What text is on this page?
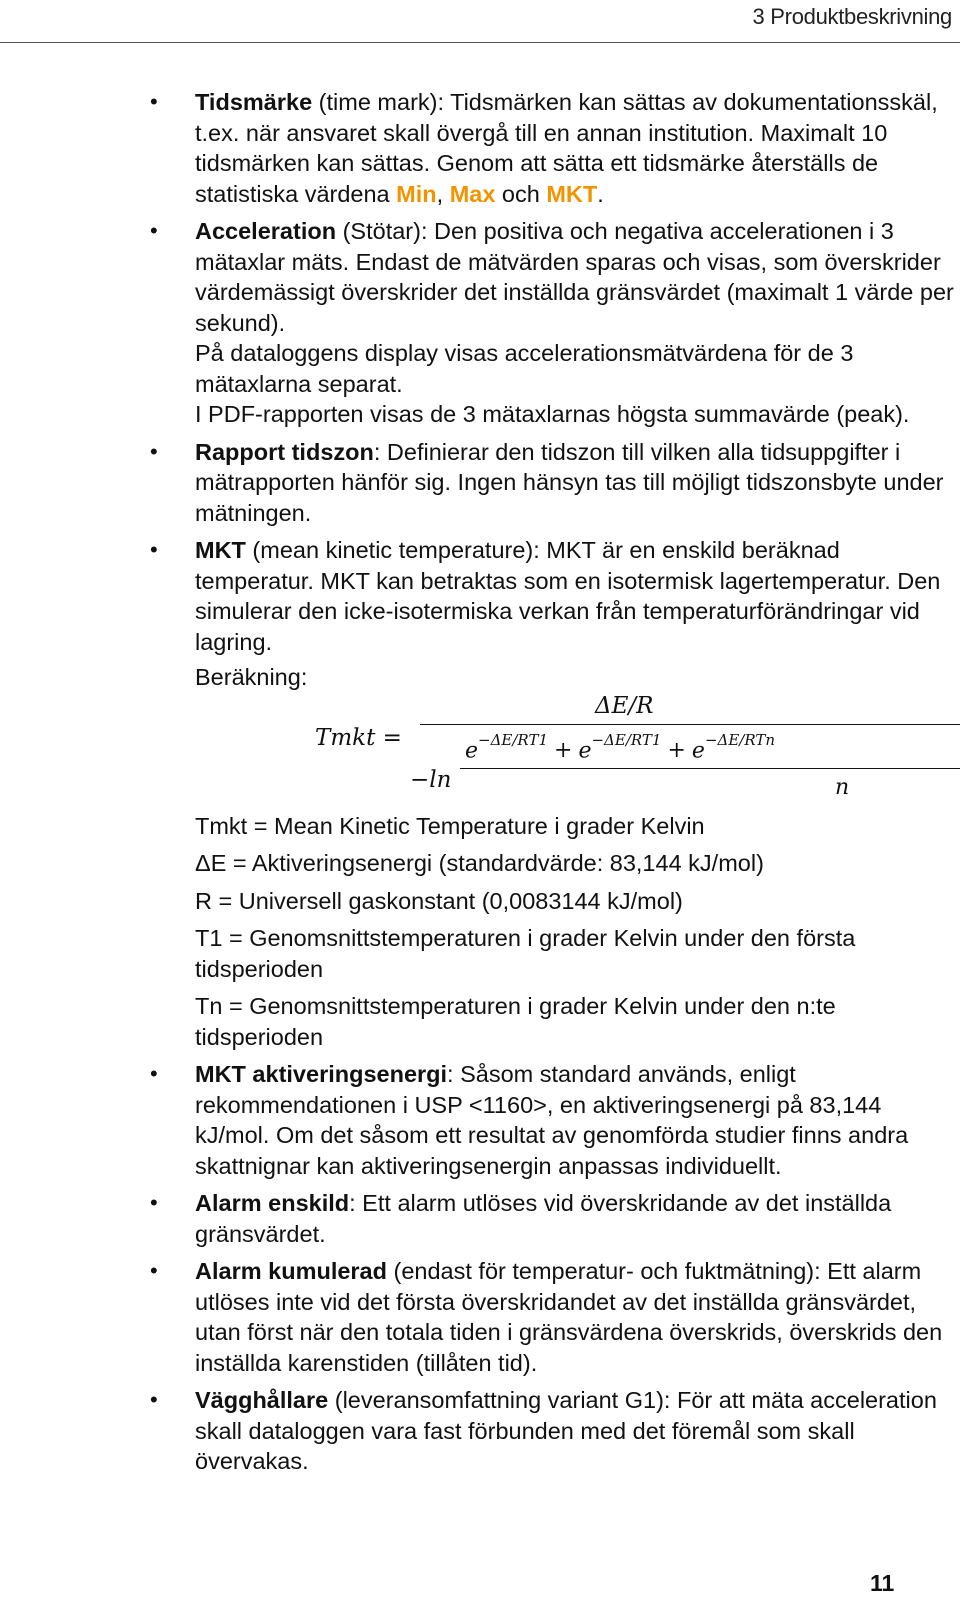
3 Produktbeskrivning
• Tidsmärke (time mark): Tidsmärken kan sättas av dokumentationsskäl, t.ex. när ansvaret skall övergå till en annan institution. Maximalt 10 tidsmärken kan sättas. Genom att sätta ett tidsmärke återställs de statistiska värdena Min, Max och MKT.

• Acceleration (Stötar): Den positiva och negativa accelerationen i 3 mätaxlar mäts. Endast de mätvärden sparas och visas, som överskrider värdemässigt överskrider det inställda gränsvärdet (maximalt 1 värde per sekund).

På dataloggens display visas accelerationsmätvärdena för de 3 mätaxlarna separat.

I PDF-rapporten visas de 3 mätaxlarnas högsta summavärde (peak).

• Rapport tidszon: Definierar den tidszon till vilken alla tidsuppgifter i mätrapporten hänför sig. Ingen hänsyn tas till möjligt tidszonsbyte under mätningen.

• MKT (mean kinetic temperature): MKT är en enskild beräknad temperatur. MKT kan betraktas som en isotermisk lagertemperatur. Den simulerar den icke-isotermiska verkan från temperaturförändringar vid lagring.

Beräkning:

Tmkt =
ΔE/R
−ln
$e^{-\Delta E/RT1} + e^{-\Delta E/RT1} + e^{-\Delta E/RTn}$
n

Tmkt = Mean Kinetic Temperature i grader Kelvin

ΔE = Aktiveringsenergi (standardvärde: 83,144 kJ/mol)

R = Universell gaskonstant (0,0083144 kJ/mol)

T1 = Genomsnittstemperaturen i grader Kelvin under den första tidsperioden

Tn = Genomsnittstemperaturen i grader Kelvin under den n:te tidsperioden

• MKT aktiveringsenergi: Såsom standard används, enligt rekommendationen i USP <1160>, en aktiveringsenergi på 83,144 kJ/mol. Om det såsom ett resultat av genomförda studier finns andra skattnignar kan aktiveringsenergin anpassas individuellt.

• Alarm enskild: Ett alarm utlöses vid överskridande av det inställda gränsvärdet.

• Alarm kumulerad (endast för temperatur- och fuktmätning): Ett alarm utlöses inte vid det första överskridandet av det inställda gränsvärdet, utan först när den totala tiden i gränsvärdena överskrids, överskrids den inställda karenstiden (tillåten tid).

• Vägghållare (leveransomfattning variant G1): För att mäta acceleration skall dataloggen vara fast förbunden med det föremål som skall övervakas.

11
